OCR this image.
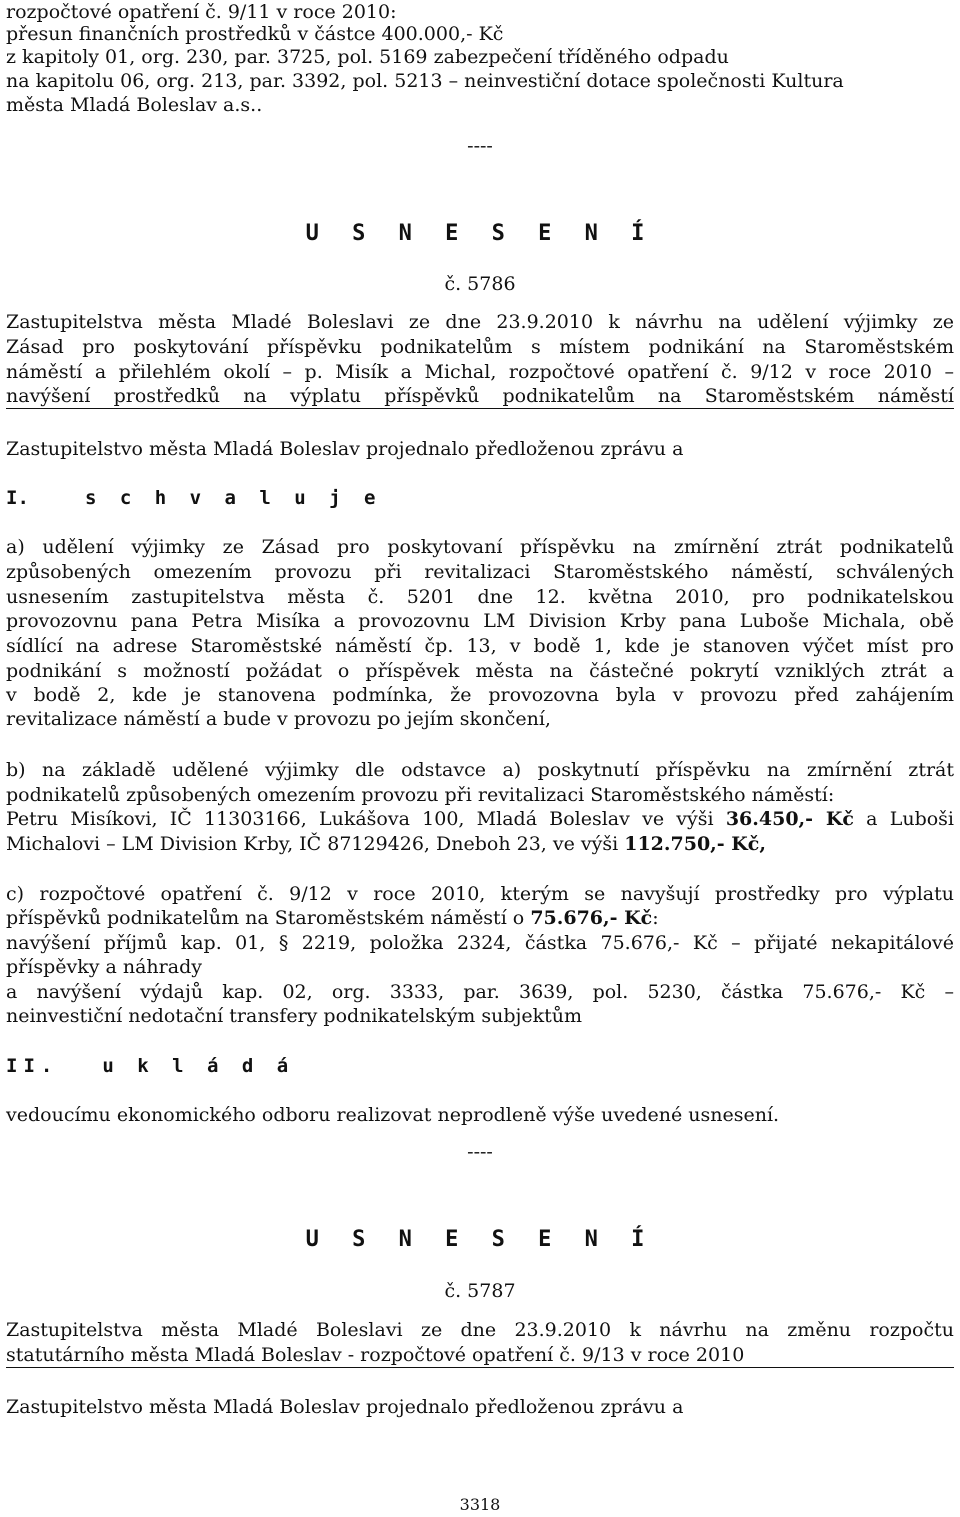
rozpočtové opatření č. 9/11 v roce 2010:
přesun finančních prostředků v částce 400.000,- Kč
z kapitoly 01, org. 230, par. 3725, pol. 5169 zabezpečení tříděného odpadu
na kapitolu 06, org. 213, par. 3392, pol. 5213 – neinvestiční dotace společnosti Kultura
města Mladá Boleslav a.s..
----
U S N E S E N Í
č. 5786
Zastupitelstva města Mladé Boleslavi ze dne 23.9.2010 k návrhu na udělení výjimky ze
Zásad pro poskytování příspěvku podnikatelům s místem podnikání na Staroměstském
náměstí a přilehlém okolí – p. Misík a Michal, rozpočtové opatření č. 9/12 v roce 2010 –
navýšení prostředků na výplatu příspěvků podnikatelům na Staroměstském náměstí
Zastupitelstvo města Mladá Boleslav projednalo předloženou zprávu a
I.	s c h v a l u j e
a) udělení výjimky ze Zásad pro poskytovaní příspěvku na zmírnění ztrát podnikatelů
způsobených omezením provozu při revitalizaci Staroměstského náměstí, schválených
usnesením zastupitelstva města č. 5201 dne 12. května 2010, pro podnikatelskou
provozovnu pana Petra Misíka a provozovnu LM Division Krby pana Luboše Michala, obě
sídlící na adrese Staroměstské náměstí čp. 13, v bodě 1, kde je stanoven výčet míst pro
podnikání s možností požádat o příspěvek města na částečné pokrytí vzniklých ztrát a
v bodě 2, kde je stanovena podmínka, že provozovna byla v provozu před zahájením
revitalizace náměstí a bude v provozu po jejím skončení,
b) na základě udělené výjimky dle odstavce a) poskytnutí příspěvku na zmírnění ztrát
podnikatelů způsobených omezením provozu při revitalizaci Staroměstského náměstí:
Petru Misíkovi, IČ 11303166, Lukášova 100, Mladá Boleslav ve výši 36.450,- Kč a Luboši
Michalovi – LM Division Krby, IČ 87129426, Dneboh 23, ve výši 112.750,- Kč,
c) rozpočtové opatření č. 9/12 v roce 2010, kterým se navyšují prostředky pro výplatu
příspěvků podnikatelům na Staroměstském náměstí o 75.676,- Kč:
navýšení příjmů kap. 01, § 2219, položka 2324, částka 75.676,- Kč – přijaté nekapitálové
příspěvky a náhrady
a navýšení výdajů kap. 02, org. 3333, par. 3639, pol. 5230, částka 75.676,- Kč –
neinvestiční nedotační transfery podnikatelským subjektům
II. u k l á d á
vedoucímu ekonomického odboru realizovat neprodleně výše uvedené usnesení.
----
U S N E S E N Í
č. 5787
Zastupitelstva města Mladé Boleslavi ze dne 23.9.2010 k návrhu na změnu rozpočtu
statutárního města Mladá Boleslav - rozpočtové opatření č. 9/13 v roce 2010
Zastupitelstvo města Mladá Boleslav projednalo předloženou zprávu a
3318
